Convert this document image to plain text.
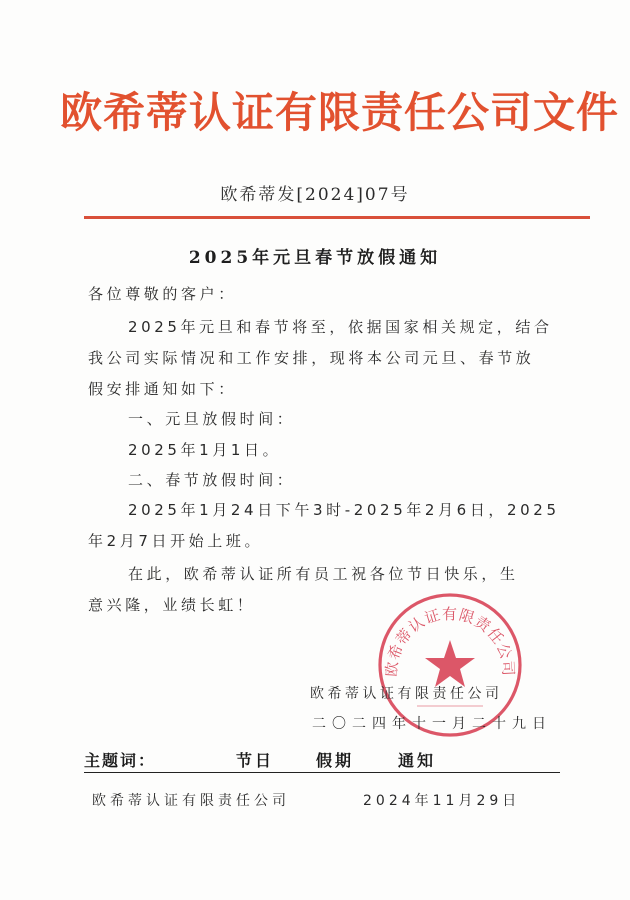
欧希蒂认证有限责任公司文件
欧希蒂发[2024]07号
2025年元旦春节放假通知
各位尊敬的客户：
2025年元旦和春节将至，依据国家相关规定，结合
我公司实际情况和工作安排，现将本公司元旦、春节放
假安排通知如下：
一、元旦放假时间：
2025年1月1日。
二、春节放假时间：
2025年1月24日下午3时-2025年2月6日，2025
年2月7日开始上班。
在此，欧希蒂认证所有员工祝各位节日快乐，生
意兴隆，业绩长虹！
欧希蒂认证有限责任公司
欧希蒂认证有限责任公司
二〇二四年十一月二十九日
主题词：	节日	假期	通知
欧希蒂认证有限责任公司	2024年11月29日
